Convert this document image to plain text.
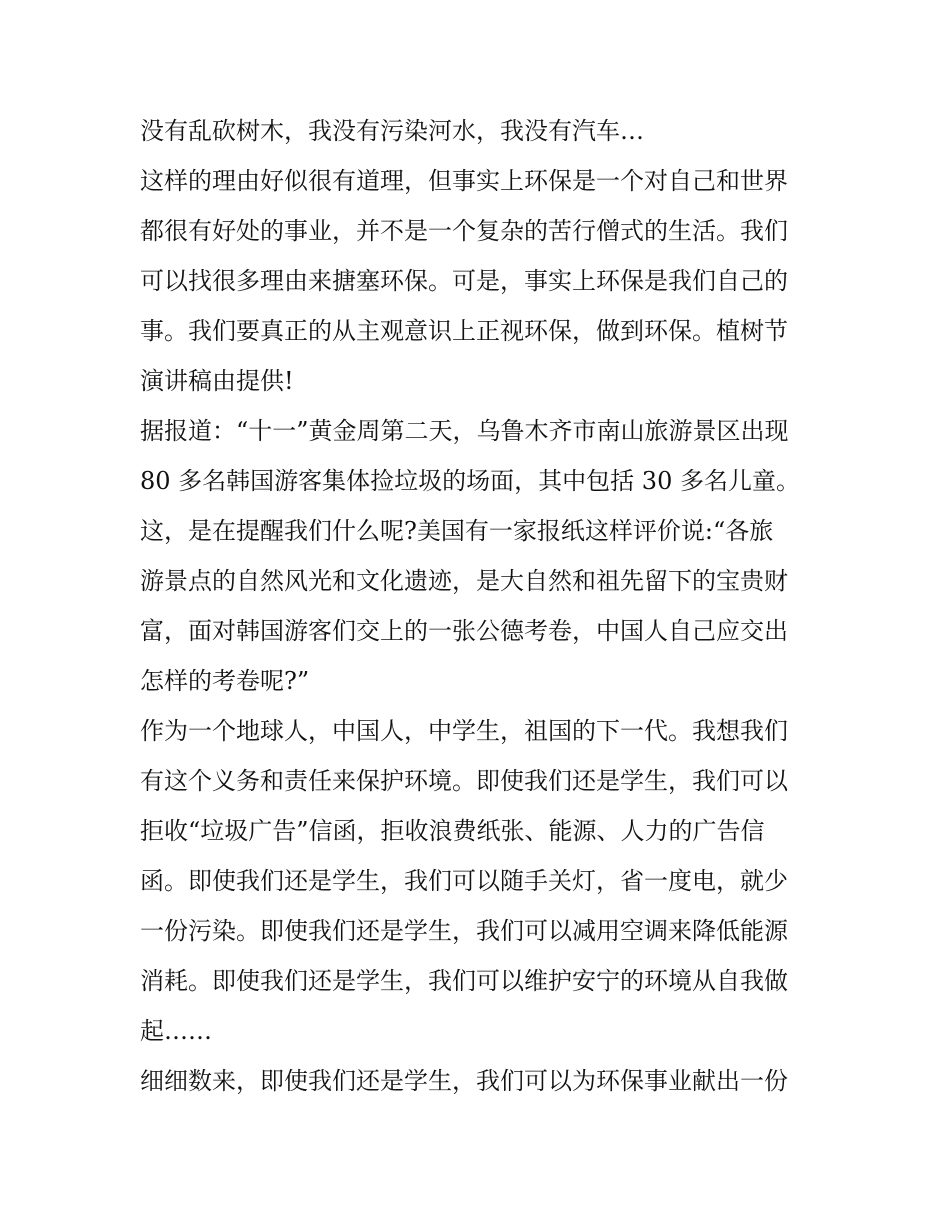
没有乱砍树木，我没有污染河水，我没有汽车…
这样的理由好似很有道理，但事实上环保是一个对自己和世界
都很有好处的事业，并不是一个复杂的苦行僧式的生活。我们
可以找很多理由来搪塞环保。可是，事实上环保是我们自己的
事。我们要真正的从主观意识上正视环保，做到环保。植树节
演讲稿由提供!
据报道：“十一”黄金周第二天，乌鲁木齐市南山旅游景区出现
80 多名韩国游客集体捡垃圾的场面，其中包括 30 多名儿童。
这，是在提醒我们什么呢?美国有一家报纸这样评价说:“各旅
游景点的自然风光和文化遗迹，是大自然和祖先留下的宝贵财
富，面对韩国游客们交上的一张公德考卷，中国人自己应交出
怎样的考卷呢?”
作为一个地球人，中国人，中学生，祖国的下一代。我想我们
有这个义务和责任来保护环境。即使我们还是学生，我们可以
拒收“垃圾广告”信函，拒收浪费纸张、能源、人力的广告信
函。即使我们还是学生，我们可以随手关灯，省一度电，就少
一份污染。即使我们还是学生，我们可以减用空调来降低能源
消耗。即使我们还是学生，我们可以维护安宁的环境从自我做
起……
细细数来，即使我们还是学生，我们可以为环保事业献出一份
